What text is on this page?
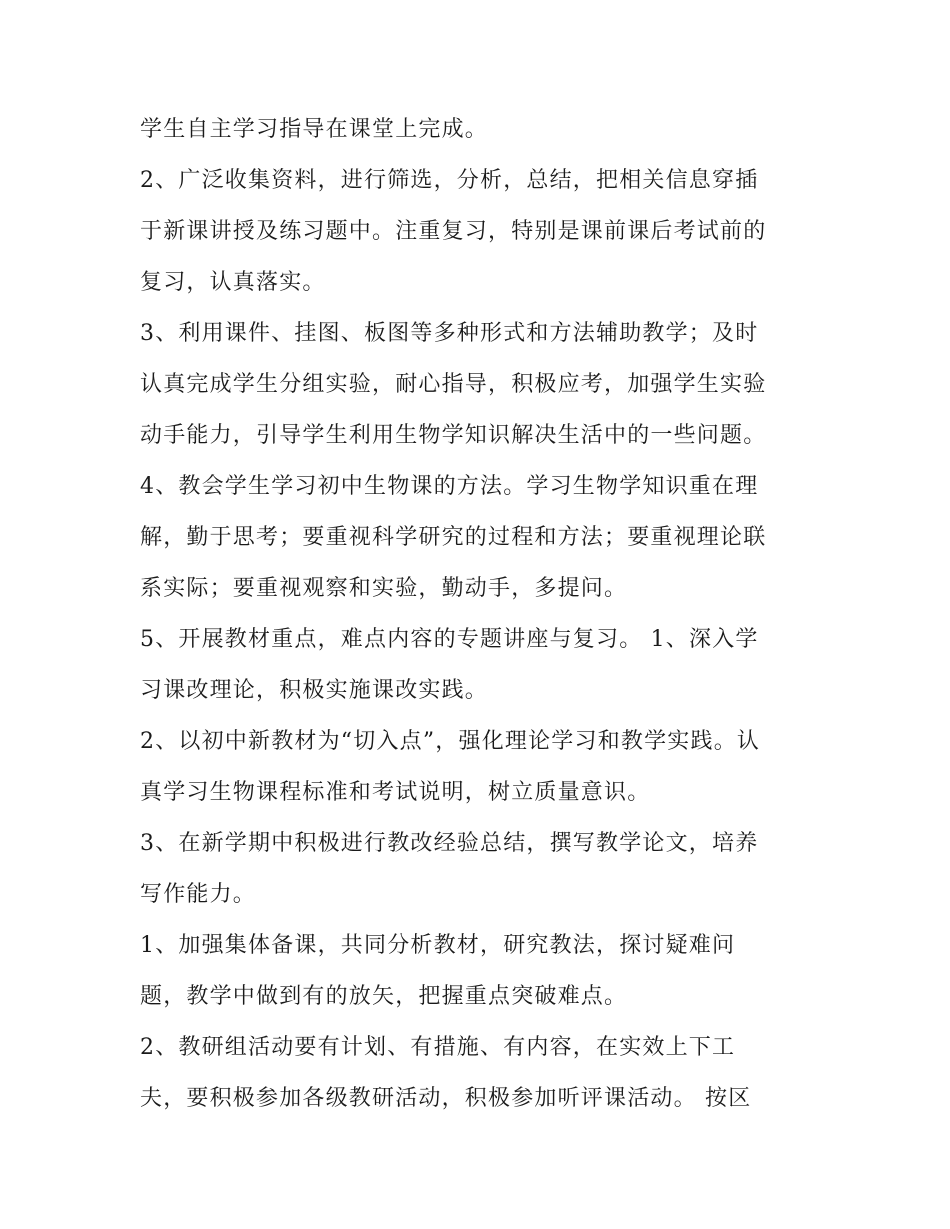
学生自主学习指导在课堂上完成。
2、广泛收集资料，进行筛选，分析，总结，把相关信息穿插
于新课讲授及练习题中。注重复习，特别是课前课后考试前的
复习，认真落实。
3、利用课件、挂图、板图等多种形式和方法辅助教学；及时
认真完成学生分组实验，耐心指导，积极应考，加强学生实验
动手能力，引导学生利用生物学知识解决生活中的一些问题。
4、教会学生学习初中生物课的方法。学习生物学知识重在理
解，勤于思考；要重视科学研究的过程和方法；要重视理论联
系实际；要重视观察和实验，勤动手，多提问。
5、开展教材重点，难点内容的专题讲座与复习。 1、深入学
习课改理论，积极实施课改实践。
2、以初中新教材为“切入点”，强化理论学习和教学实践。认
真学习生物课程标准和考试说明，树立质量意识。
3、在新学期中积极进行教改经验总结，撰写教学论文，培养
写作能力。
1、加强集体备课，共同分析教材，研究教法，探讨疑难问
题，教学中做到有的放矢，把握重点突破难点。
2、教研组活动要有计划、有措施、有内容，在实效上下工
夫，要积极参加各级教研活动，积极参加听评课活动。 按区
